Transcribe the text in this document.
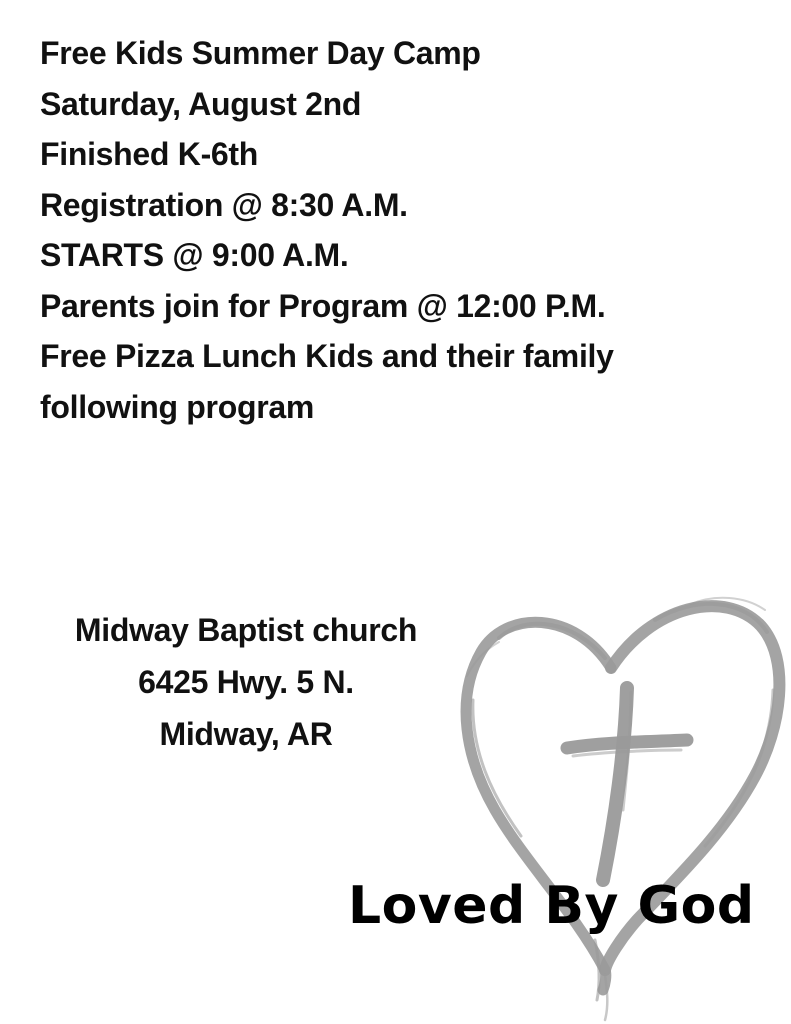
Free Kids Summer Day Camp
Saturday, August 2nd
Finished K-6th
Registration @ 8:30 A.M.
STARTS @ 9:00 A.M.
Parents join for Program @ 12:00 P.M.
Free Pizza Lunch Kids and their family
following program
Midway Baptist church
6425 Hwy. 5 N.
Midway, AR
Loved By God
